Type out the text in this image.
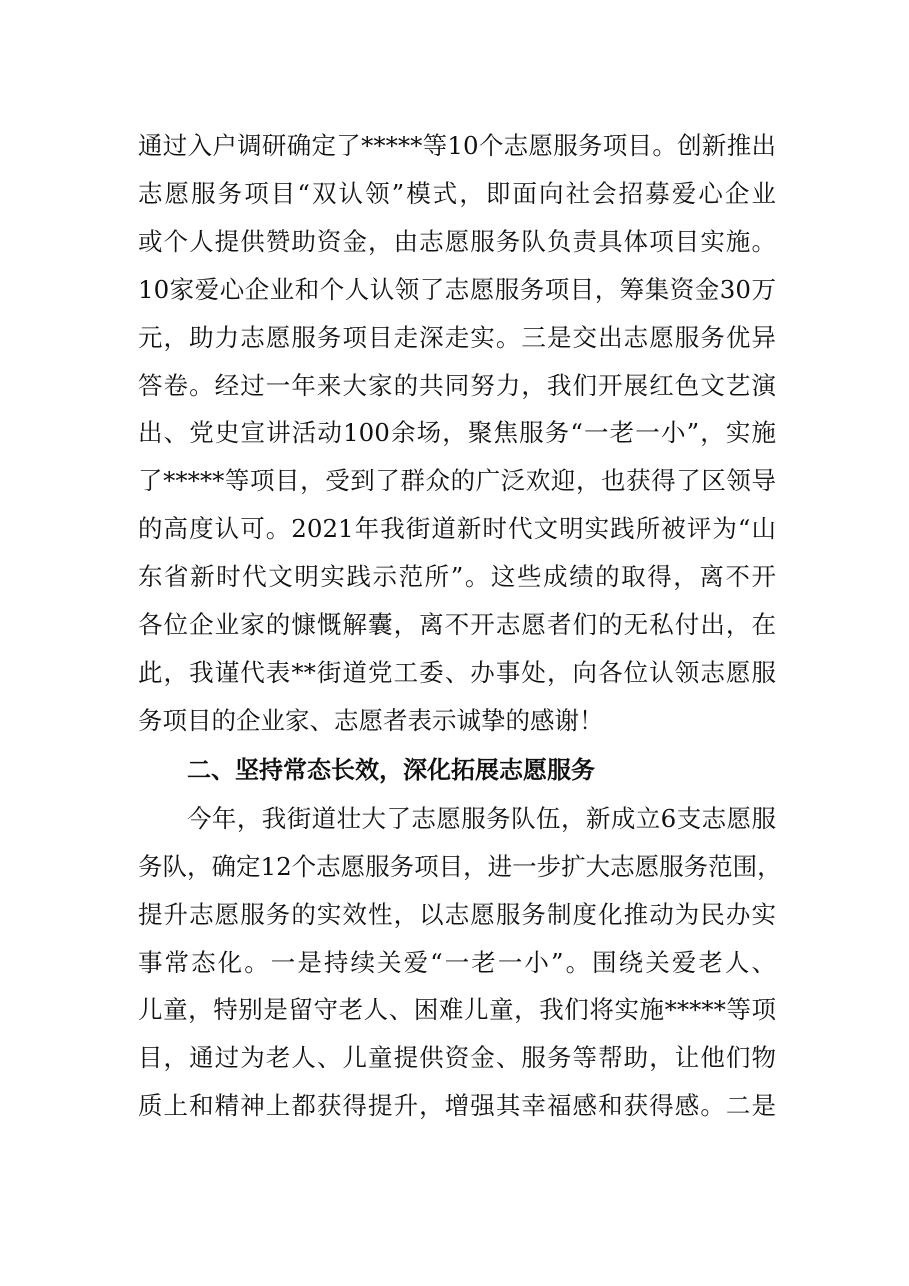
通过入户调研确定了*****等10个志愿服务项目。创新推出
志愿服务项目“双认领”模式，即面向社会招募爱心企业
或个人提供赞助资金，由志愿服务队负责具体项目实施。
10家爱心企业和个人认领了志愿服务项目，筹集资金30万
元，助力志愿服务项目走深走实。三是交出志愿服务优异
答卷。经过一年来大家的共同努力，我们开展红色文艺演
出、党史宣讲活动100余场，聚焦服务“一老一小”，实施
了*****等项目，受到了群众的广泛欢迎，也获得了区领导
的高度认可。2021年我街道新时代文明实践所被评为“山
东省新时代文明实践示范所”。这些成绩的取得，离不开
各位企业家的慷慨解囊，离不开志愿者们的无私付出，在
此，我谨代表**街道党工委、办事处，向各位认领志愿服
务项目的企业家、志愿者表示诚挚的感谢！

二、坚持常态长效，深化拓展志愿服务

今年，我街道壮大了志愿服务队伍，新成立6支志愿服
务队，确定12个志愿服务项目，进一步扩大志愿服务范围，
提升志愿服务的实效性，以志愿服务制度化推动为民办实
事常态化。一是持续关爱“一老一小”。围绕关爱老人、
儿童，特别是留守老人、困难儿童，我们将实施*****等项
目，通过为老人、儿童提供资金、服务等帮助，让他们物
质上和精神上都获得提升，增强其幸福感和获得感。二是
